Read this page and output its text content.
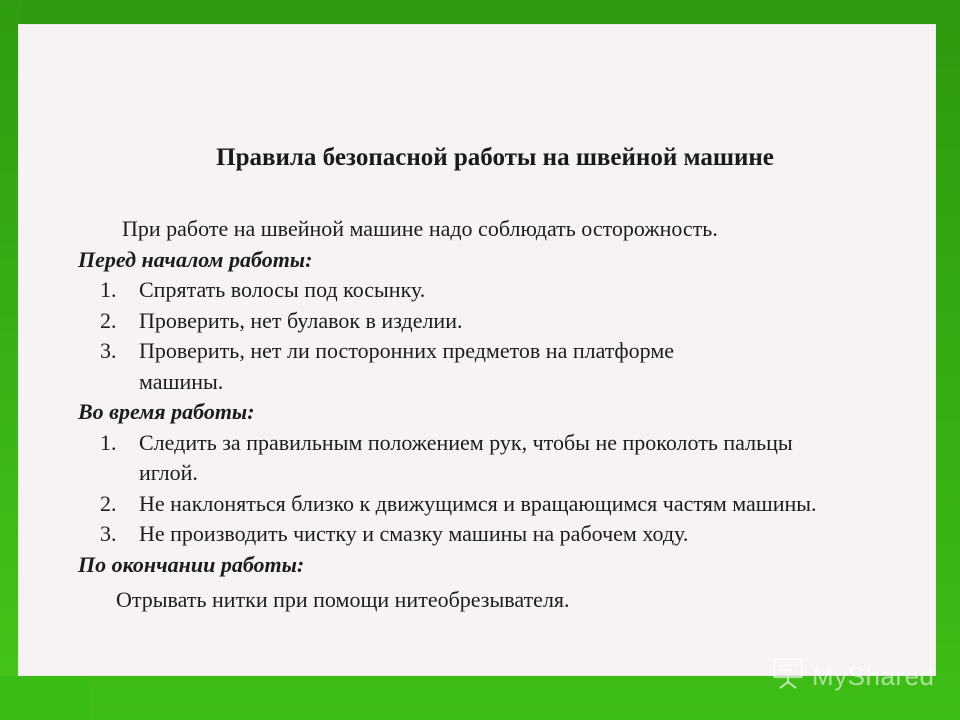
Правила безопасной работы на швейной машине

При работе на швейной машине надо соблюдать осторожность.

Перед началом работы:

1. Спрятать волосы под косынку.
2. Проверить, нет булавок в изделии.
3. Проверить, нет ли посторонних предметов на платформе машины.

Во время работы:

1. Следить за правильным положением рук, чтобы не проколоть пальцы иглой.
2. Не наклоняться близко к движущимся и вращающимся частям машины.
3. Не производить чистку и смазку машины на рабочем ходу.

По окончании работы:

Отрывать нитки при помощи нитеобрезывателя.

MyShared
